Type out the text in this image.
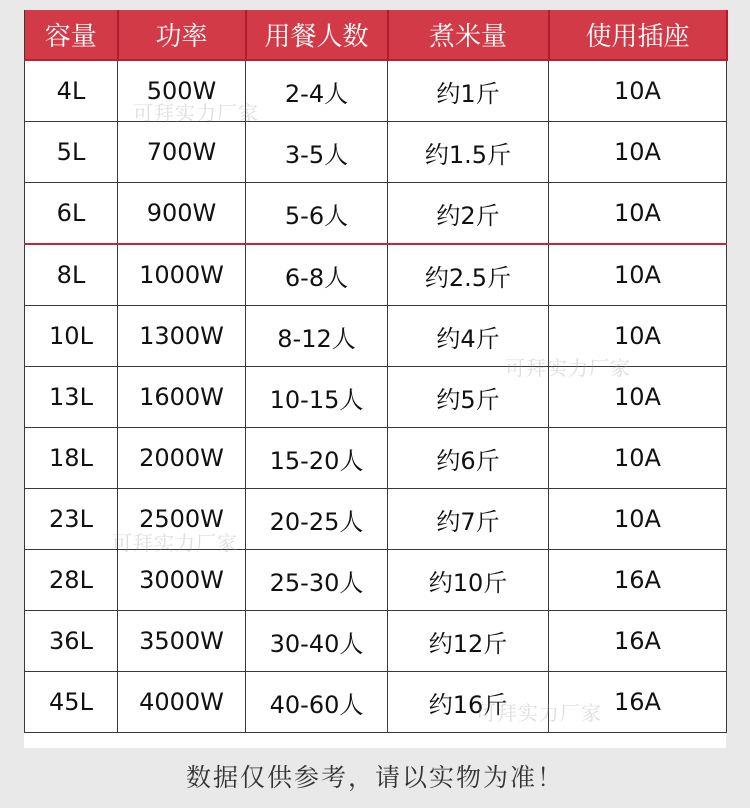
容量	功率	用餐人数	煮米量	使用插座
4L	500W	2-4人	约1斤	10A
5L	700W	3-5人	约1.5斤	10A
6L	900W	5-6人	约2斤	10A
8L	1000W	6-8人	约2.5斤	10A
10L	1300W	8-12人	约4斤	10A
13L	1600W	10-15人	约5斤	10A
18L	2000W	15-20人	约6斤	10A
23L	2500W	20-25人	约7斤	10A
28L	3000W	25-30人	约10斤	16A
36L	3500W	30-40人	约12斤	16A
45L	4000W	40-60人	约16斤	16A
可拜实力厂家
可拜实力厂家
可拜实力厂家
可拜实力厂家
数据仅供参考，请以实物为准！
